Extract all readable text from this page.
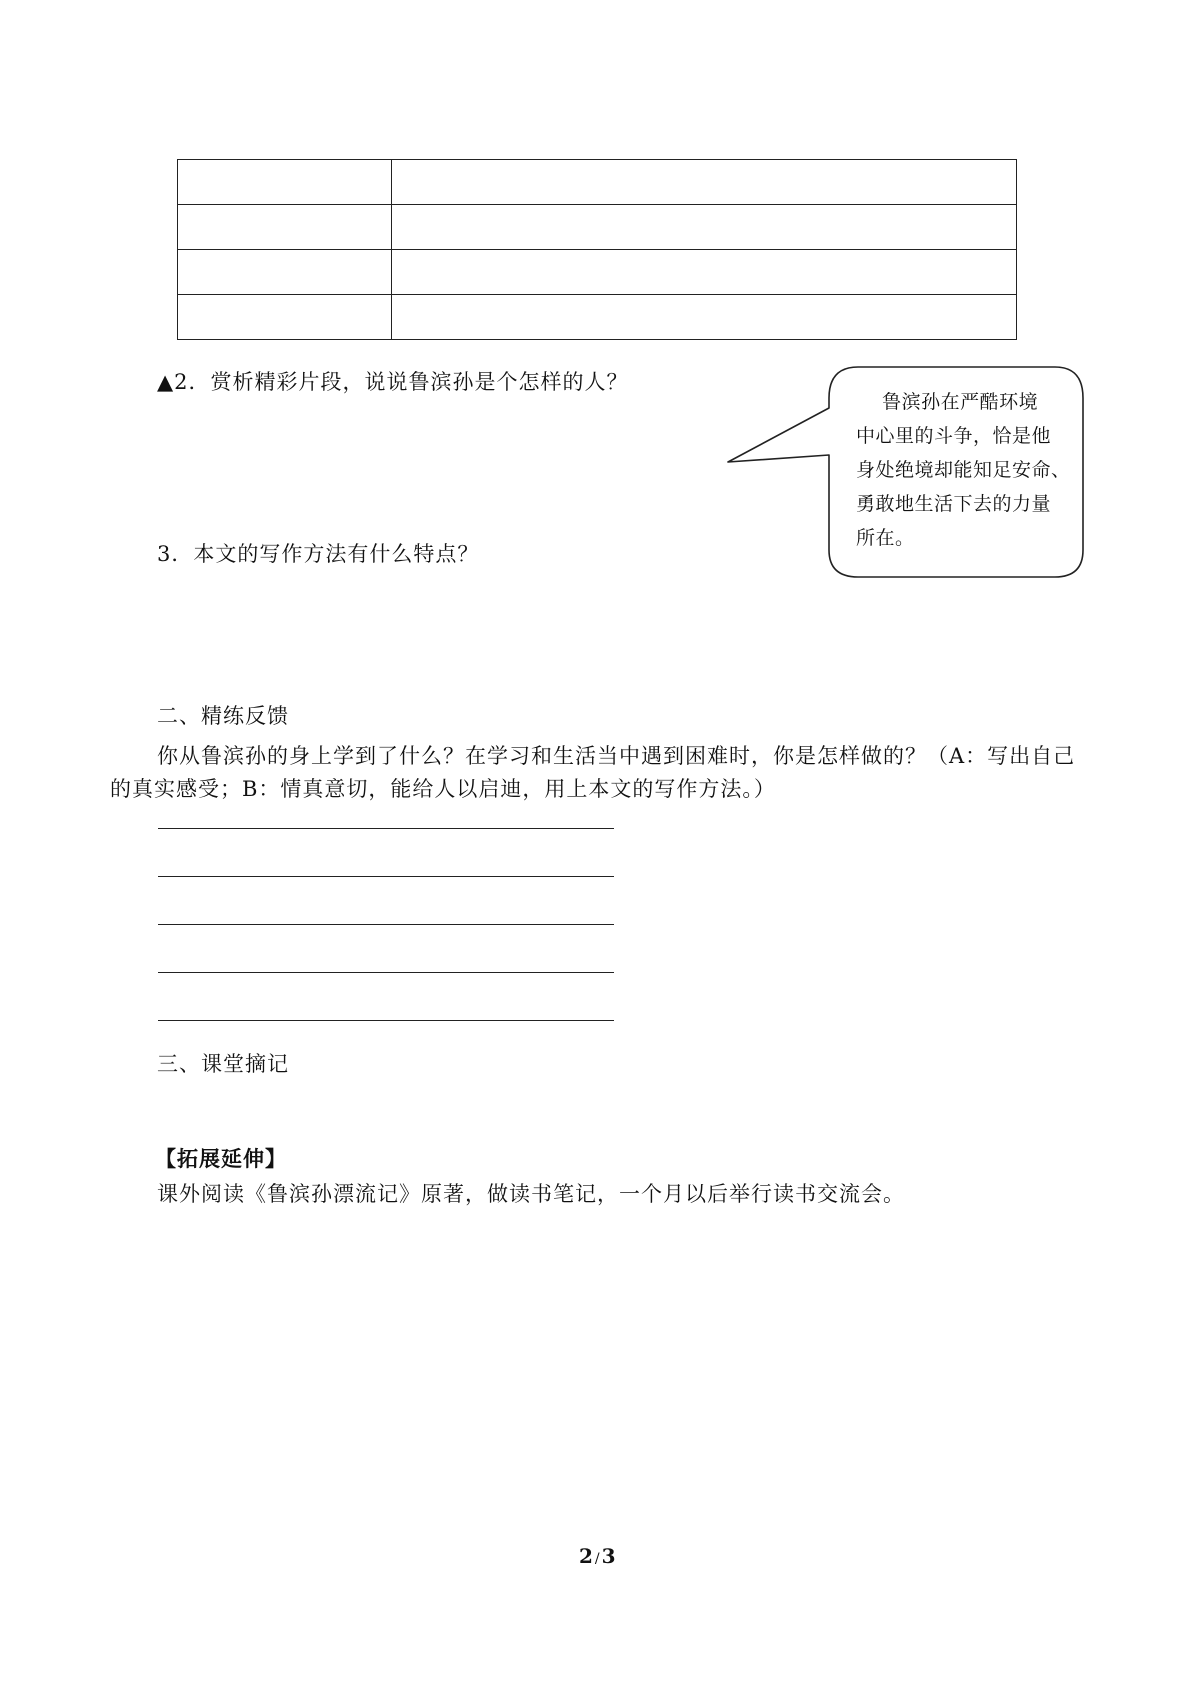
▲2．赏析精彩片段，说说鲁滨孙是个怎样的人？
鲁滨孙在严酷环境
中心里的斗争，恰是他
身处绝境却能知足安命、
勇敢地生活下去的力量
所在。
3．本文的写作方法有什么特点？
二、精练反馈
你从鲁滨孙的身上学到了什么？在学习和生活当中遇到困难时，你是怎样做的？（A：写出自己的真实感受；B：情真意切，能给人以启迪，用上本文的写作方法。）
三、课堂摘记
【拓展延伸】
课外阅读《鲁滨孙漂流记》原著，做读书笔记，一个月以后举行读书交流会。
2 / 3
